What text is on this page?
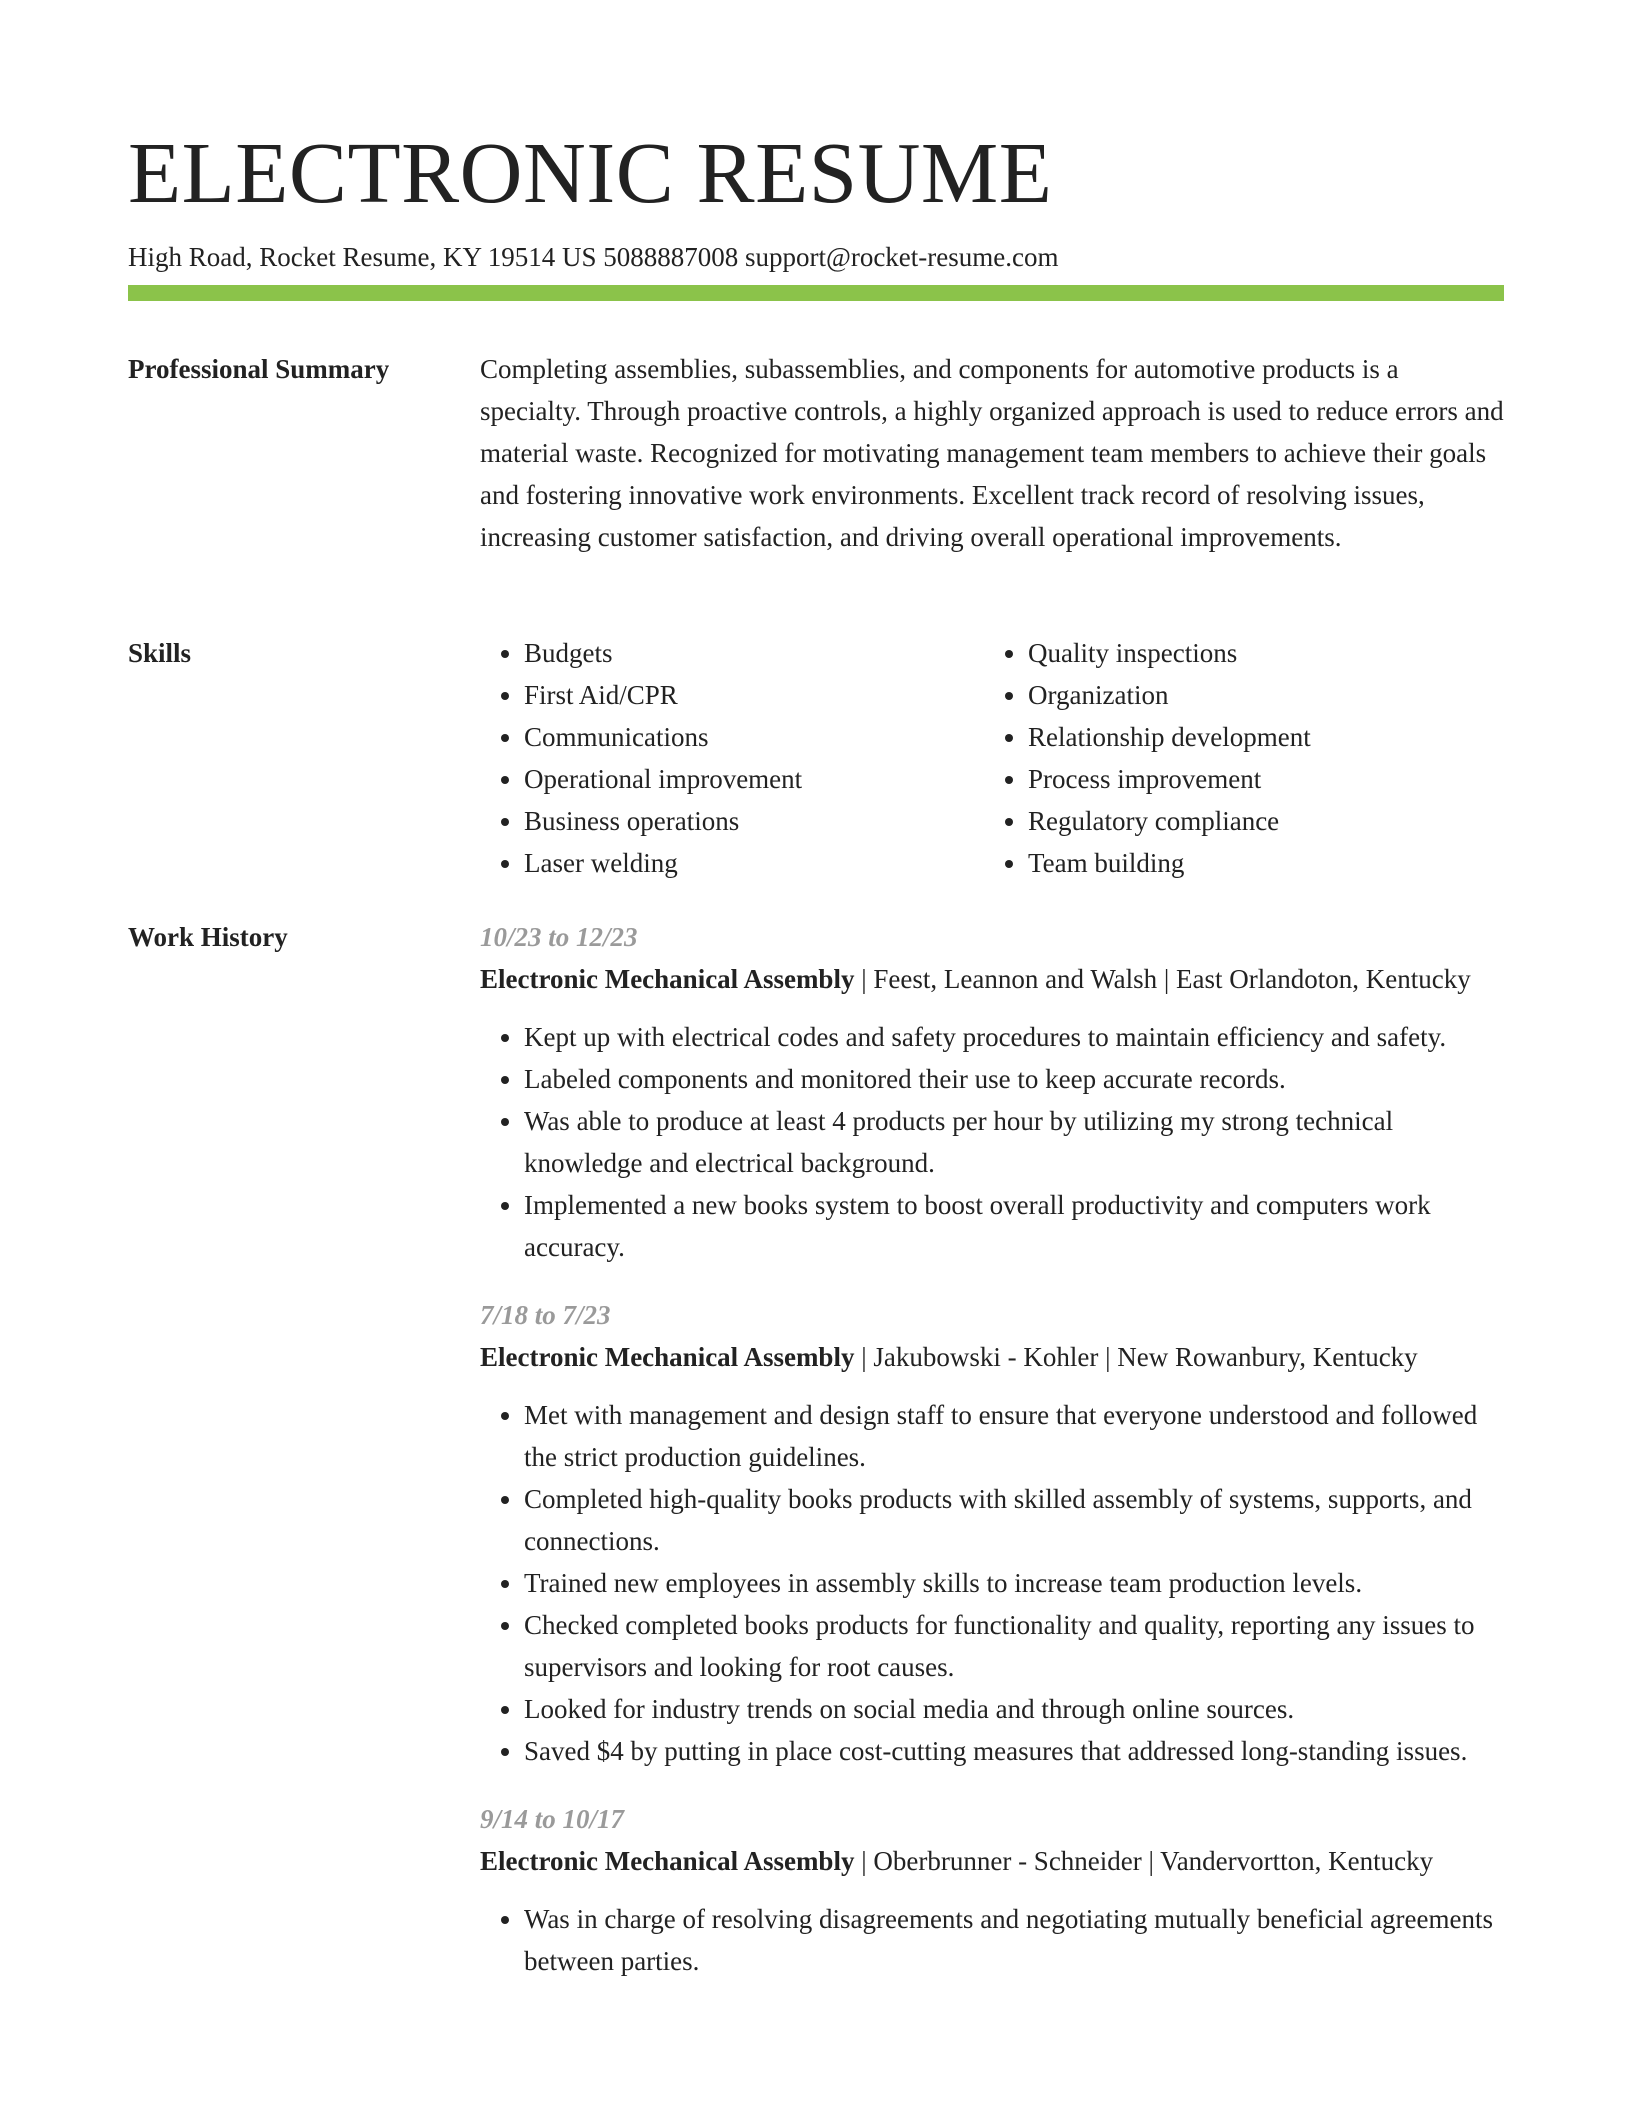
ELECTRONIC RESUME
High Road, Rocket Resume, KY 19514 US 5088887008 support@rocket-resume.com
Professional Summary	Completing assemblies, subassemblies, and components for automotive products is a specialty. Through proactive controls, a highly organized approach is used to reduce errors and material waste. Recognized for motivating management team members to achieve their goals and fostering innovative work environments. Excellent track record of resolving issues, increasing customer satisfaction, and driving overall operational improvements.

Skills
•	Budgets
• First Aid/CPR
• Communications
• Operational improvement
• Business operations
• Laser welding
• Quality inspections
• Organization
• Relationship development
• Process improvement
• Regulatory compliance
• Team building
Work History	10/23 to 12/23
Electronic Mechanical Assembly | Feest, Leannon and Walsh | East Orlandoton, Kentucky
• Kept up with electrical codes and safety procedures to maintain efficiency and safety.
• Labeled components and monitored their use to keep accurate records.
• Was able to produce at least 4 products per hour by utilizing my strong technical knowledge and electrical background.
• Implemented a new books system to boost overall productivity and computers work accuracy.
7/18 to 7/23
Electronic Mechanical Assembly | Jakubowski - Kohler | New Rowanbury, Kentucky
• Met with management and design staff to ensure that everyone understood and followed the strict production guidelines.
• Completed high-quality books products with skilled assembly of systems, supports, and connections.
• Trained new employees in assembly skills to increase team production levels.
• Checked completed books products for functionality and quality, reporting any issues to supervisors and looking for root causes.
• Looked for industry trends on social media and through online sources.
• Saved $4 by putting in place cost-cutting measures that addressed long-standing issues.
9/14 to 10/17
Electronic Mechanical Assembly | Oberbrunner - Schneider | Vandervortton, Kentucky
• Was in charge of resolving disagreements and negotiating mutually beneficial agreements between parties.
